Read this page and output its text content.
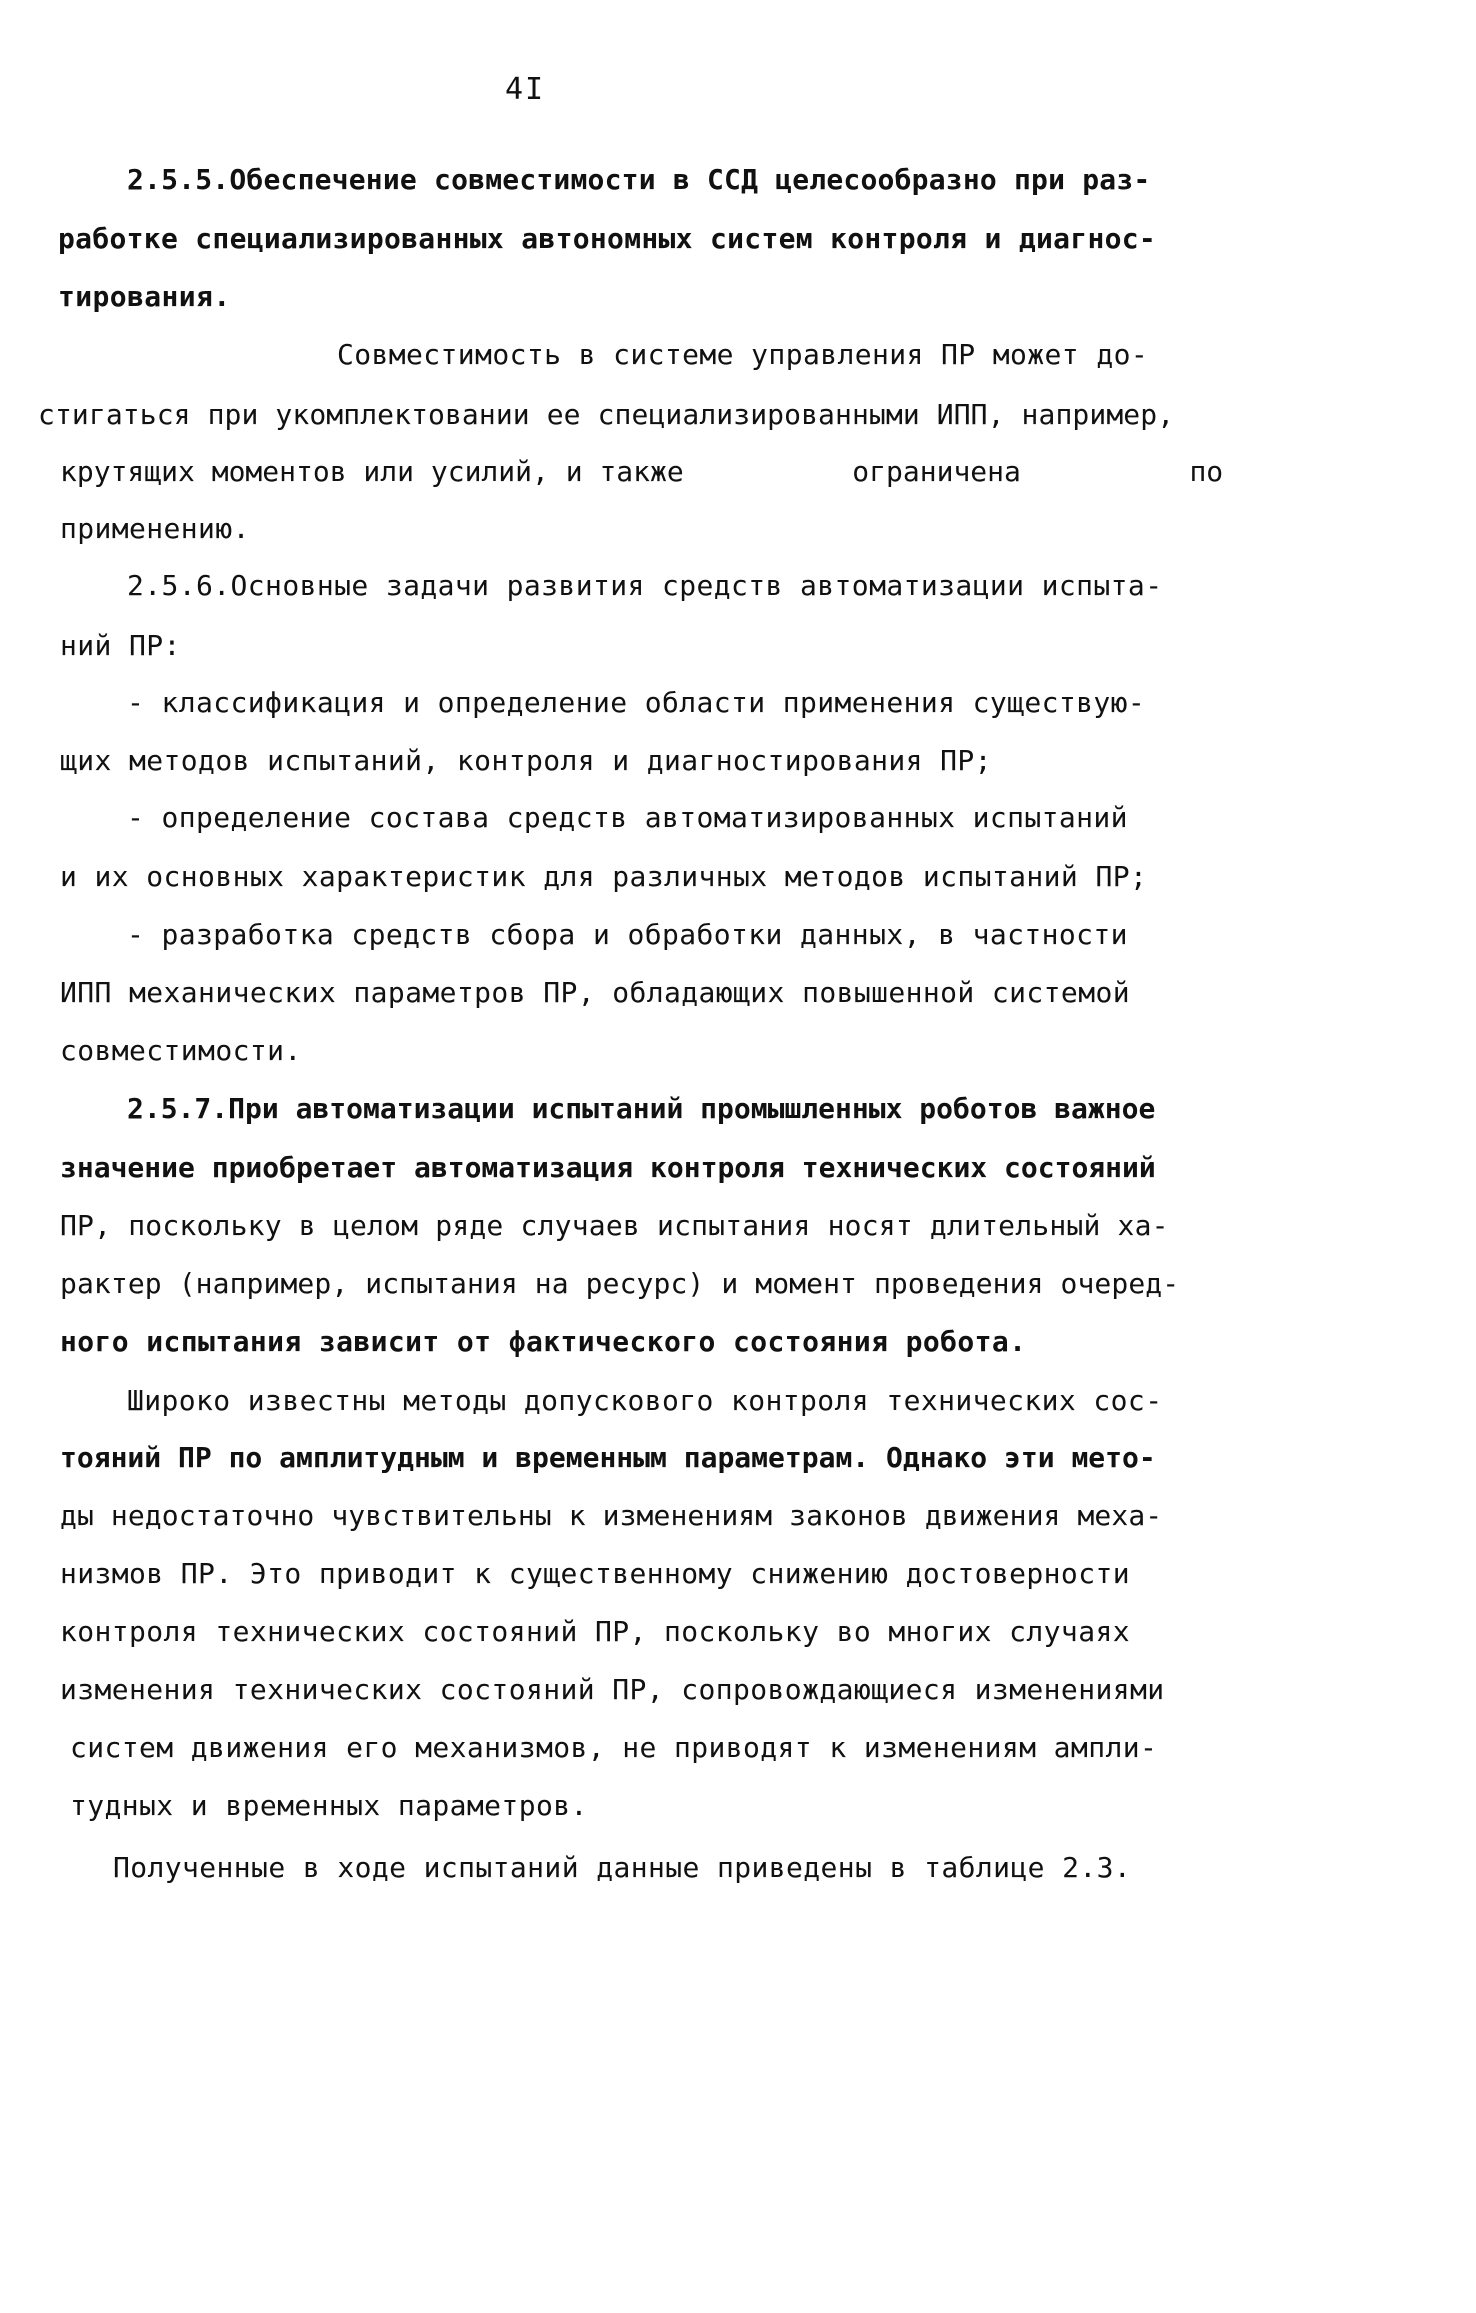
4I
2.5.5.Обеспечение совместимости в ССД целесообразно при раз-
работке специализированных автономных систем контроля и диагнос-
тирования.
Совместимость в системе управления ПР может до-
стигаться при укомплектовании ее специализированными ИПП, например,
крутящих моментов или усилий, и также          ограничена          по
применению.
2.5.6.Основные задачи развития средств автоматизации испыта-
ний ПР:
- классификация и определение области применения существую-
щих методов испытаний, контроля и диагностирования ПР;
- определение состава средств автоматизированных испытаний
и их основных характеристик для различных методов испытаний ПР;
- разработка средств сбора и обработки данных, в частности
ИПП механических параметров ПР, обладающих повышенной системой
совместимости.
2.5.7.При автоматизации испытаний промышленных роботов важное
значение приобретает автоматизация контроля технических состояний
ПР, поскольку в целом ряде случаев испытания носят длительный ха-
рактер (например, испытания на ресурс) и момент проведения очеред-
ного испытания зависит от фактического состояния робота.
Широко известны методы допускового контроля технических сос-
тояний ПР по амплитудным и временным параметрам. Однако эти мето-
ды недостаточно чувствительны к изменениям законов движения меха-
низмов ПР. Это приводит к существенному снижению достоверности
контроля технических состояний ПР, поскольку во многих случаях
изменения технических состояний ПР, сопровождающиеся изменениями
систем движения его механизмов, не приводят к изменениям ампли-
тудных и временных параметров.
Полученные в ходе испытаний данные приведены в таблице 2.3.
